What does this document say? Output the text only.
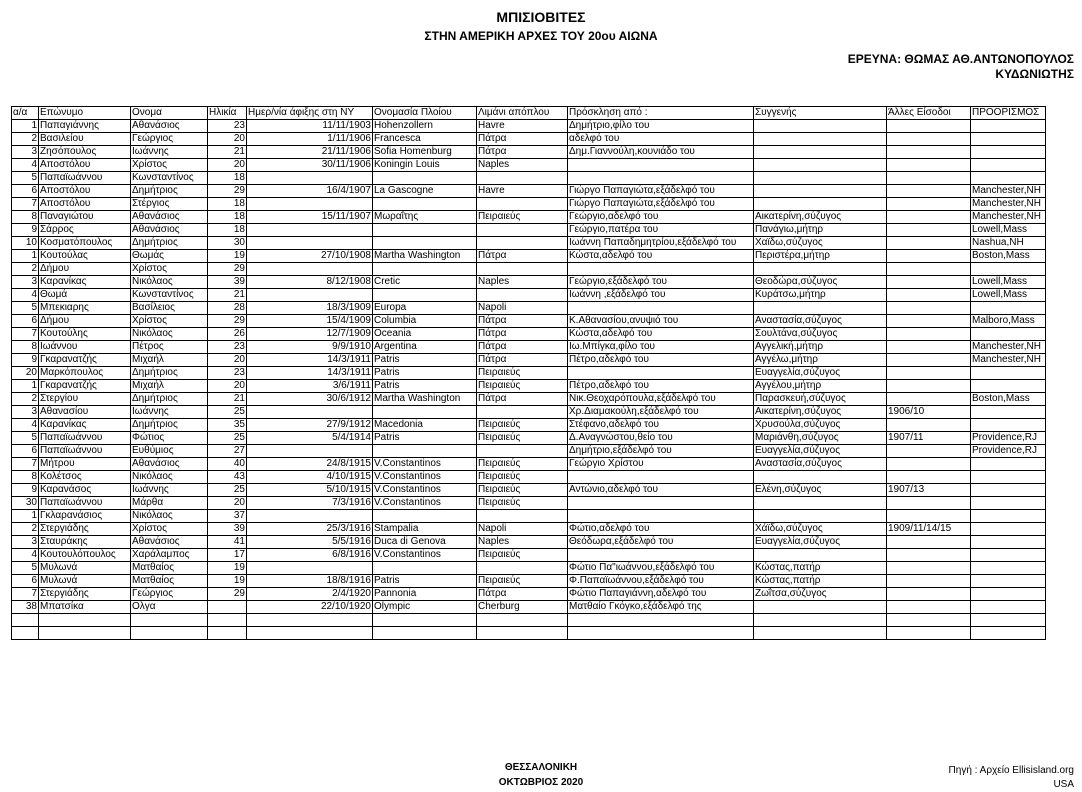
ΜΠΙΣΙΟΒΙΤΕΣ
ΣΤΗΝ ΑΜΕΡΙΚΗ ΑΡΧΕΣ ΤΟΥ 20ου ΑΙΩΝΑ
ΕΡΕΥΝΑ: ΘΩΜΑΣ ΑΘ.ΑΝΤΩΝΟΠΟΥΛΟΣ
ΚΥΔΩΝΙΩΤΗΣ
α/α	Επώνυμο	Ονομα	Ηλικία	Ημερ/νία άφιξης στη ΝΥ	Ονομασία Πλοίου	Λιμάνι απόπλου	Πρόσκληση από :	Συγγενής	Άλλες Είσοδοι	ΠΡΟΟΡΙΣΜΟΣ
1	Παπαγιάννης	Αθανάσιος	23	11/11/1903	Hohenzollern	Havre	Δημήτριο,φίλο του			
2	Βασιλείου	Γεώργιος	20	1/11/1906	Francesca	Πάτρα	αδελφό του			
3	Ζησόπουλος	Ιωάννης	21	21/11/1906	Sofia Homenburg	Πάτρα	Δημ.Γιαννούλη,κουνιάδο του			
4	Αποστόλου	Χρίστος	20	30/11/1906	Koningin Louis	Naples				
5	Παπαϊωάννου	Κωνσταντίνος	18							
6	Αποστόλου	Δημήτριος	29	16/4/1907	La Gascogne	Havre	Γιώργο Παπαγιώτα,εξάδελφό του			Manchester,NH
7	Αποστόλου	Στέργιος	18				Γιώργο Παπαγιώτα,εξάδελφό του			Manchester,NH
8	Παναγιώτου	Αθανάσιος	18	15/11/1907	Μωραΐτης	Πειραιεύς	Γεώργιο,αδελφό του	Αικατερίνη,σύζυγος		Manchester,NH
9	Σάρρος	Αθανάσιος	18				Γεώργιο,πατέρα του	Πανάγιω,μήτηρ		Lowell,Mass
10	Κοσματόπουλος	Δημήτριος	30				Ιωάννη Παπαδημητρίου,εξάδελφό του	Χαϊδω,σύζυγος		Nashua,NH
1	Κουτούλας	Θωμάς	19	27/10/1908	Martha Washington	Πάτρα	Κώστα,αδελφό του	Περιστέρα,μήτηρ		Boston,Mass
2	Δήμου	Χρίστος	29							
3	Καρανίκας	Νικόλαος	39	8/12/1908	Cretic	Naples	Γεώργιο,εξάδελφό του	Θεοδώρα,σύζυγος		Lowell,Mass
4	Θωμά	Κωνσταντίνος	21				Ιωάννη ,εξάδελφό του	Κυράτσω,μήτηρ		Lowell,Mass
5	Μπεκιαρης	Βασίλειος	28	18/3/1909	Europa	Napoli				
6	Δήμου	Χρίστος	29	15/4/1909	Columbia	Πάτρα	Κ.Αθανασίου,ανυψιό του	Αναστασία,σύζυγος		Malboro,Mass
7	Κουτούλης	Νικόλαος	26	12/7/1909	Oceania	Πάτρα	Κώστα,αδελφό του	Σουλτάνα,σύζυγος		
8	Ιωάννου	Πέτρος	23	9/9/1910	Argentina	Πάτρα	Ιω.Μπίγκα,φίλο του	Αγγελική,μήτηρ		Manchester,NH
9	Γκαρανατζής	Μιχαήλ	20	14/3/1911	Patris	Πάτρα	Πέτρο,αδελφό του	Αγγέλω,μήτηρ		Manchester,NH
20	Μαρκόπουλος	Δημήτριος	23	14/3/1911	Patris	Πειραιεύς		Ευαγγελία,σύζυγος		
1	Γκαρανατζής	Μιχαήλ	20	3/6/1911	Patris	Πειραιεύς	Πέτρο,αδελφό του	Αγγέλου,μήτηρ		
2	Στεργίου	Δημήτριος	21	30/6/1912	Martha Washington	Πάτρα	Νικ.Θεοχαρόπουλα,εξάδελφό του	Παρασκευή,σύζυγος		Boston,Mass
3	Αθανασίου	Ιωάννης	25				Χρ.Διαμακούλη,εξάδελφό του	Αικατερίνη,σύζυγος	1906/10	
4	Καρανίκας	Δημήτριος	35	27/9/1912	Macedonia	Πειραιεύς	Στέφανο,αδελφό του	Χρυσούλα,σύζυγος		
5	Παπαϊωάννου	Φώτιος	25	5/4/1914	Patris	Πειραιεύς	Δ.Αναγνώστου,θείο του	Μαριάνθη,σύζυγος	1907/11	Providence,RJ
6	Παπαϊωάννου	Ευθύμιος	27				Δημήτριο,εξάδελφό του	Ευαγγελία,σύζυγος		Providence,RJ
7	Μήτρου	Αθανάσιος	40	24/8/1915	V.Constantinos	Πειραιεύς	Γεώργιο Χρίστου	Αναστασία,σύζυγος		
8	Κολέτσος	Νικόλαος	43	4/10/1915	V.Constantinos	Πειραιεύς				
9	Καρανάσος	Ιωάννης	25	5/10/1915	V.Constantinos	Πειραιεύς	Αντώνιο,αδελφό του	Ελένη,σύζυγος	1907/13	
30	Παπαϊωάννου	Μάρθα	20	7/3/1916	V.Constantinos	Πειραιεύς				
1	Γκλαρανάσιος	Νικόλαος	37							
2	Στεργιάδης	Χρίστος	39	25/3/1916	Stampalia	Napoli	Φώτιο,αδελφό του	Χάϊδω,σύζυγος	1909/11/14/15	
3	Σταυράκης	Αθανάσιος	41	5/5/1916	Duca di Genova	Naples	Θεόδωρα,εξάδελφό του	Ευαγγελία,σύζυγος		
4	Κουτουλόπουλος	Χαράλαμπος	17	6/8/1916	V.Constantinos	Πειραιεύς				
5	Μυλωνά	Ματθαίος	19				Φώτιο Πα"ιωάννου,εξάδελφό του	Κώστας,πατήρ		
6	Μυλωνά	Ματθαίος	19	18/8/1916	Patris	Πειραιεύς	Φ.Παπαϊωάννου,εξάδελφό του	Κώστας,πατήρ		
7	Στεργιάδης	Γεώργιος	29	2/4/1920	Pannonia	Πάτρα	Φώτιο Παπαγιάννη,αδελφό του	Ζωΐτσα,σύζυγος		
38	Μπατσίκα	Ολγα		22/10/1920	Olympic	Cherburg	Ματθαίο Γκόγκο,εξάδελφό της			

ΘΕΣΣΑΛΟΝΙΚΗ
ΟΚΤΩΒΡΙΟΣ 2020
Πηγή : Αρχείο Ellisisland.org
USA
